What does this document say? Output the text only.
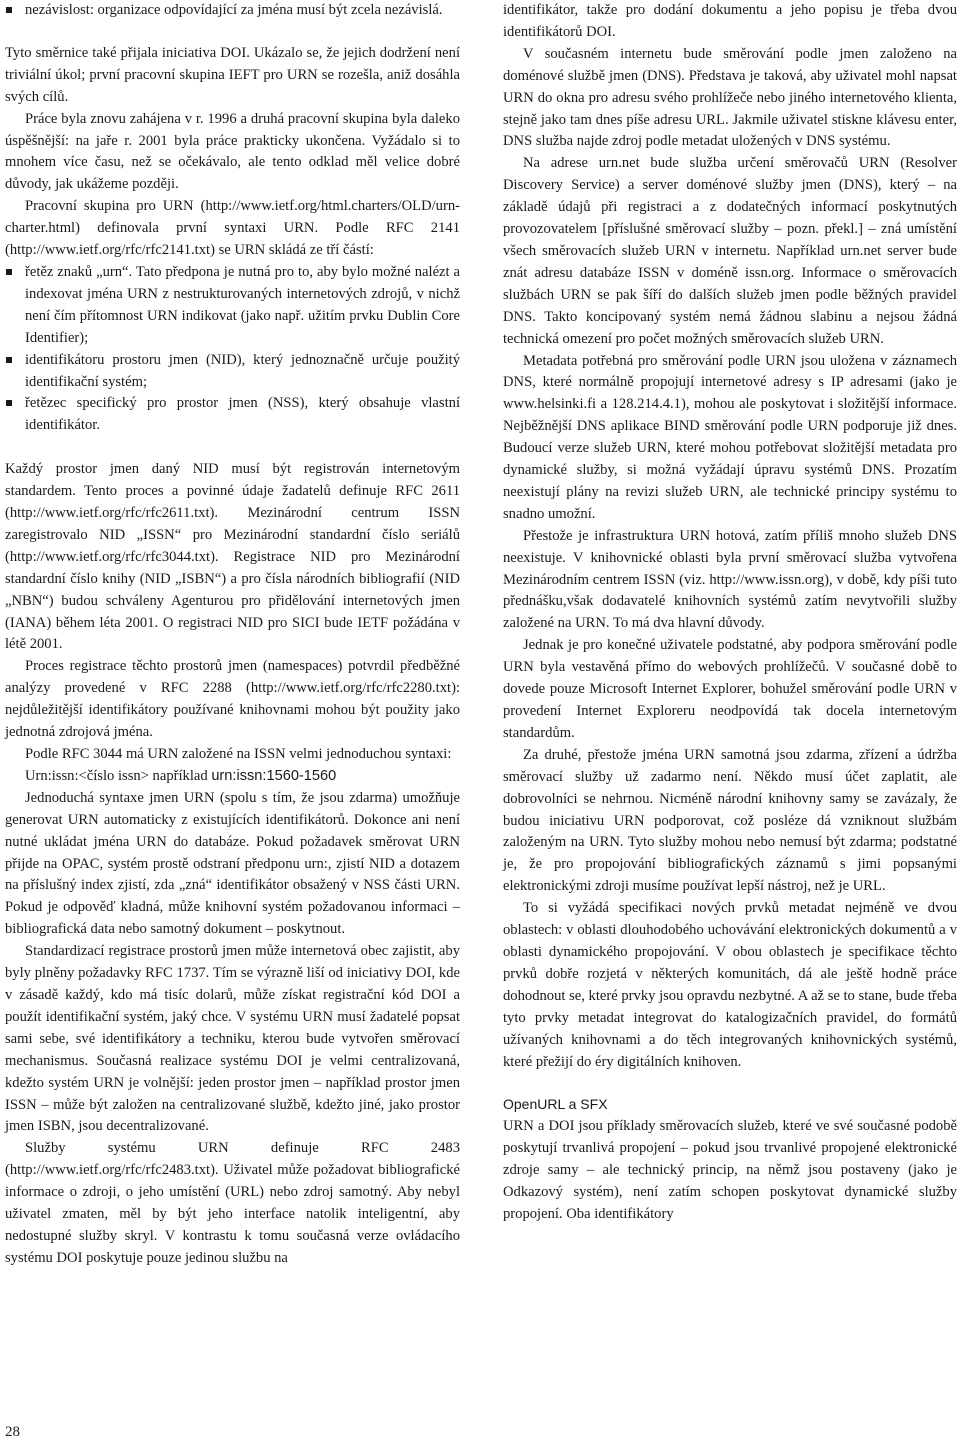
nezávislost: organizace odpovídající za jména musí být zcela nezávislá.

Tyto směrnice také přijala iniciativa DOI. Ukázalo se, že jejich dodržení není triviální úkol; první pracovní skupina IEFT pro URN se rozešla, aniž dosáhla svých cílů.

Práce byla znovu zahájena v r. 1996 a druhá pracovní skupina byla daleko úspěšnější: na jaře r. 2001 byla práce prakticky ukončena. Vyžádalo si to mnohem více času, než se očekávalo, ale tento odklad měl velice dobré důvody, jak ukážeme později.

Pracovní skupina pro URN (http://www.ietf.org/html.charters/OLD/urn-charter.html) definovala první syntaxi URN. Podle RFC 2141 (http://www.ietf.org/rfc/rfc2141.txt) se URN skládá ze tří částí:

řetěz znaků „urn“. Tato předpona je nutná pro to, aby bylo možné nalézt a indexovat jména URN z nestrukturovaných internetových zdrojů, v nichž není čím přítomnost URN indikovat (jako např. užitím prvku Dublin Core Identifier);
identifikátoru prostoru jmen (NID), který jednoznačně určuje použitý identifikační systém;
řetězec specifický pro prostor jmen (NSS), který obsahuje vlastní identifikátor.

Každý prostor jmen daný NID musí být registrován internetovým standardem. Tento proces a povinné údaje žadatelů definuje RFC 2611 (http://www.ietf.org/rfc/rfc2611.txt). Mezinárodní centrum ISSN zaregistrovalo NID „ISSN“ pro Mezinárodní standardní číslo seriálů (http://www.ietf.org/rfc/rfc3044.txt). Registrace NID pro Mezinárodní standardní číslo knihy (NID „ISBN“) a pro čísla národních bibliografií (NID „NBN“) budou schváleny Agenturou pro přidělování internetových jmen (IANA) během léta 2001. O registraci NID pro SICI bude IETF požádána v létě 2001.

Proces registrace těchto prostorů jmen (namespaces) potvrdil předběžné analýzy provedené v RFC 2288 (http://www.ietf.org/rfc/rfc2280.txt): nejdůležitější identifikátory používané knihovnami mohou být použity jako jednotná zdrojová jména.

Podle RFC 3044 má URN založené na ISSN velmi jednoduchou syntaxi:

Urn:issn:<číslo issn> například urn:issn:1560-1560

Jednoduchá syntaxe jmen URN (spolu s tím, že jsou zdarma) umožňuje generovat URN automaticky z existujících identifikátorů. Dokonce ani není nutné ukládat jména URN do databáze. Pokud požadavek směrovat URN přijde na OPAC, systém prostě odstraní předponu urn:, zjistí NID a dotazem na příslušný index zjistí, zda „zná“ identifikátor obsažený v NSS části URN. Pokud je odpověď kladná, může knihovní systém požadovanou informaci – bibliografická data nebo samotný dokument – poskytnout.

Standardizací registrace prostorů jmen může internetová obec zajistit, aby byly plněny požadavky RFC 1737. Tím se výrazně liší od iniciativy DOI, kde v zásadě každý, kdo má tisíc dolarů, může získat registrační kód DOI a použít identifikační systém, jaký chce. V systému URN musí žadatelé popsat sami sebe, své identifikátory a techniku, kterou bude vytvořen směrovací mechanismus. Současná realizace systému DOI je velmi centralizovaná, kdežto systém URN je volnější: jeden prostor jmen – například prostor jmen ISSN – může být založen na centralizované službě, kdežto jiné, jako prostor jmen ISBN, jsou decentralizované.

Služby systému URN definuje RFC 2483 (http://www.ietf.org/rfc/rfc2483.txt). Uživatel může požadovat bibliografické informace o zdroji, o jeho umístění (URL) nebo zdroj samotný. Aby nebyl uživatel zmaten, měl by být jeho interface natolik inteligentní, aby nedostupné služby skryl. V kontrastu k tomu současná verze ovládacího systému DOI poskytuje pouze jedinou službu na

identifikátor, takže pro dodání dokumentu a jeho popisu je třeba dvou identifikátorů DOI.

V současném internetu bude směrování podle jmen založeno na doménové službě jmen (DNS). Představa je taková, aby uživatel mohl napsat URN do okna pro adresu svého prohlížeče nebo jiného internetového klienta, stejně jako tam dnes píše adresu URL. Jakmile uživatel stiskne klávesu enter, DNS služba najde zdroj podle metadat uložených v DNS systému.

Na adrese urn.net bude služba určení směrovačů URN (Resolver Discovery Service) a server doménové služby jmen (DNS), který – na základě údajů při registraci a z dodatečných informací poskytnutých provozovatelem [příslušné směrovací služby – pozn. překl.] – zná umístění všech směrovacích služeb URN v internetu. Například urn.net server bude znát adresu databáze ISSN v doméně issn.org. Informace o směrovacích službách URN se pak šíří do dalších služeb jmen podle běžných pravidel DNS. Takto koncipovaný systém nemá žádnou slabinu a nejsou žádná technická omezení pro počet možných směrovacích služeb URN.

Metadata potřebná pro směrování podle URN jsou uložena v záznamech DNS, které normálně propojují internetové adresy s IP adresami (jako je www.helsinki.fi a 128.214.4.1), mohou ale poskytovat i složitější informace. Nejběžnější DNS aplikace BIND směrování podle URN podporuje již dnes. Budoucí verze služeb URN, které mohou potřebovat složitější metadata pro dynamické služby, si možná vyžádají úpravu systémů DNS. Prozatím neexistují plány na revizi služeb URN, ale technické principy systému to snadno umožní.

Přestože je infrastruktura URN hotová, zatím příliš mnoho služeb DNS neexistuje. V knihovnické oblasti byla první směrovací služba vytvořena Mezinárodním centrem ISSN (viz. http://www.issn.org), v době, kdy píši tuto přednášku,však dodavatelé knihovních systémů zatím nevytvořili služby založené na URN. To má dva hlavní důvody.

Jednak je pro konečné uživatele podstatné, aby podpora směrování podle URN byla vestavěná přímo do webových prohlížečů. V současné době to dovede pouze Microsoft Internet Explorer, bohužel směrování podle URN v provedení Internet Exploreru neodpovídá tak docela internetovým standardům.

Za druhé, přestože jména URN samotná jsou zdarma, zřízení a údržba směrovací služby už zadarmo není. Někdo musí účet zaplatit, ale dobrovolníci se nehrnou. Nicméně národní knihovny samy se zavázaly, že budou iniciativu URN podporovat, což posléze dá vzniknout službám založeným na URN. Tyto služby mohou nebo nemusí být zdarma; podstatné je, že pro propojování bibliografických záznamů s jimi popsanými elektronickými zdroji musíme používat lepší nástroj, než je URL.

To si vyžádá specifikaci nových prvků metadat nejméně ve dvou oblastech: v oblasti dlouhodobého uchovávání elektronických dokumentů a v oblasti dynamického propojování. V obou oblastech je specifikace těchto prvků dobře rozjetá v některých komunitách, dá ale ještě hodně práce dohodnout se, které prvky jsou opravdu nezbytné. A až se to stane, bude třeba tyto prvky metadat integrovat do katalogizačních pravidel, do formátů užívaných knihovnami a do těch integrovaných knihovnických systémů, které přežijí do éry digitálních knihoven.

OpenURL a SFX

URN a DOI jsou příklady směrovacích služeb, které ve své současné podobě poskytují trvanlivá propojení – pokud jsou trvanlivé propojené elektronické zdroje samy – ale technický princip, na němž jsou postaveny (jako je Odkazový systém), není zatím schopen poskytovat dynamické služby propojení. Oba identifikátory

28
